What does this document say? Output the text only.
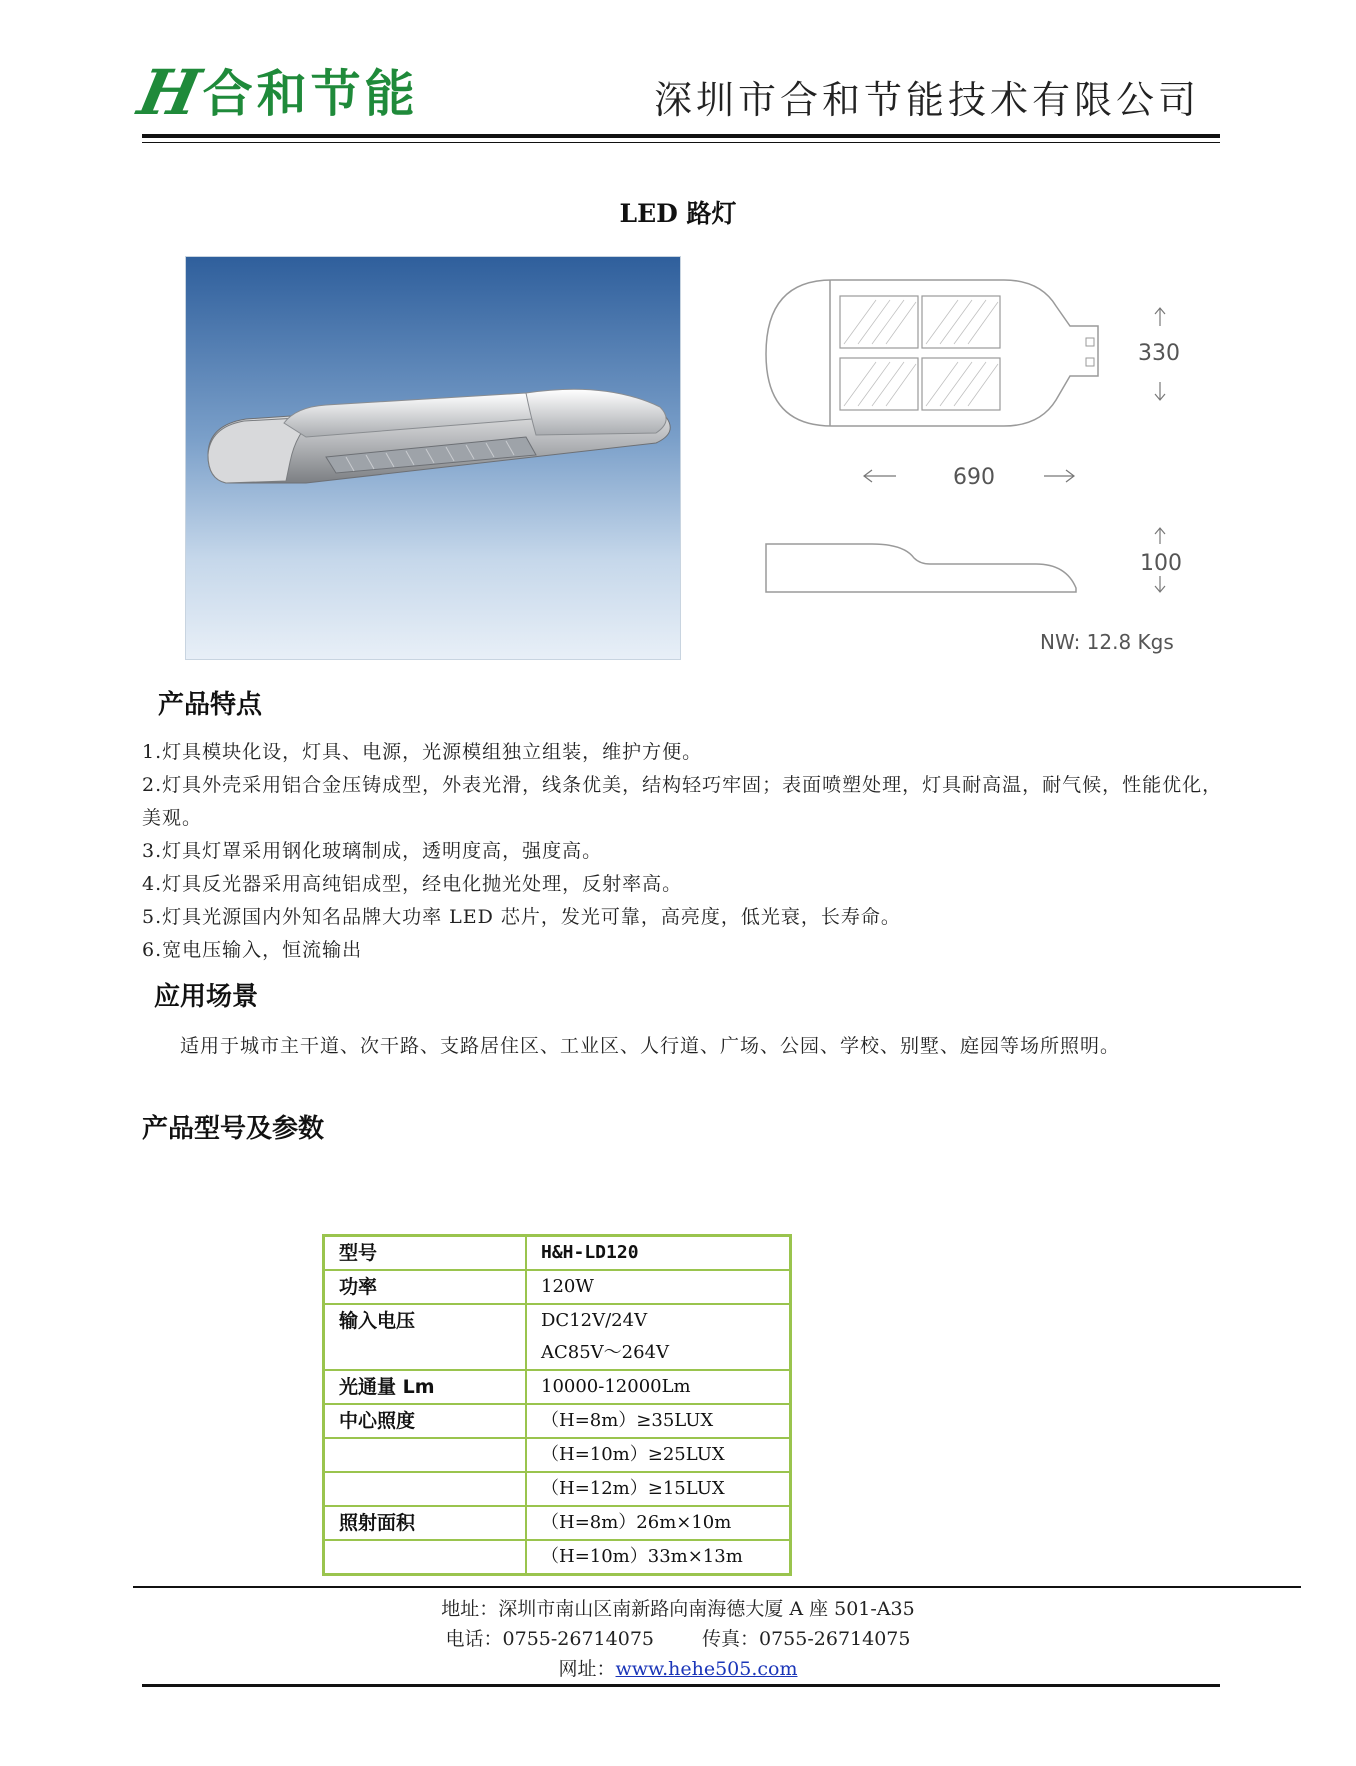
H
合和节能	深圳市合和节能技术有限公司
LED 路灯
330
690
100
NW: 12.8 Kgs
产品特点
1.灯具模块化设，灯具、电源，光源模组独立组装，维护方便。
2.灯具外壳采用铝合金压铸成型，外表光滑，线条优美，结构轻巧牢固；表面喷塑处理，灯具耐高温，耐气候，性能优化，美观。
3.灯具灯罩采用钢化玻璃制成，透明度高，强度高。
4.灯具反光器采用高纯铝成型，经电化抛光处理，反射率高。
5.灯具光源国内外知名品牌大功率 LED 芯片，发光可靠，高亮度，低光衰，长寿命。
6.宽电压输入，恒流输出
应用场景
适用于城市主干道、次干路、支路居住区、工业区、人行道、广场、公园、学校、别墅、庭园等场所照明。
产品型号及参数
型号	H&H-LD120
功率	120W
输入电压	DC12V/24V
AC85V～264V

光通量 Lm	10000-12000Lm
中心照度	（H=8m）≥35LUX
	（H=10m）≥25LUX
	（H=12m）≥15LUX
照射面积	（H=8m）26m×10m
	（H=10m）33m×13m
地址：深圳市南山区南新路向南海德大厦 A 座 501-A35
电话：0755-26714075	传真：0755-26714075
网址：www.hehe505.com
